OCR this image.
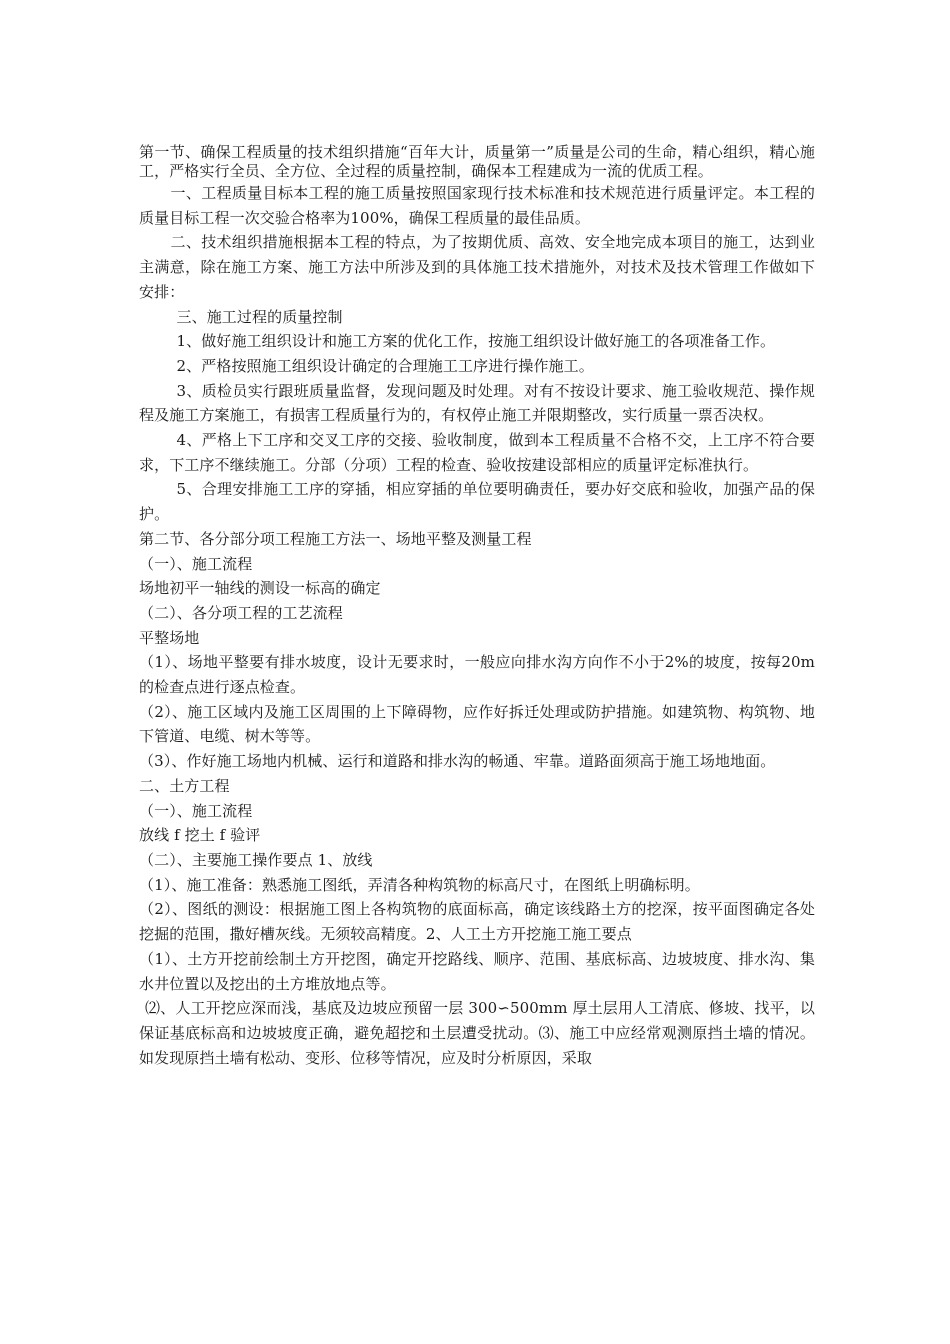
第一节、确保工程质量的技术组织措施“百年大计，质量第一”质量是公司的生命，精心组织，精心施工，严格实行全员、全方位、全过程的质量控制，确保本工程建成为一流的优质工程。

一、工程质量目标本工程的施工质量按照国家现行技术标准和技术规范进行质量评定。本工程的质量目标工程一次交验合格率为100%，确保工程质量的最佳品质。

二、技术组织措施根据本工程的特点，为了按期优质、高效、安全地完成本项目的施工，达到业主满意，除在施工方案、施工方法中所涉及到的具体施工技术措施外，对技术及技术管理工作做如下安排：

三、施工过程的质量控制

1、做好施工组织设计和施工方案的优化工作，按施工组织设计做好施工的各项准备工作。

2、严格按照施工组织设计确定的合理施工工序进行操作施工。

3、质检员实行跟班质量监督，发现问题及时处理。对有不按设计要求、施工验收规范、操作规程及施工方案施工，有损害工程质量行为的，有权停止施工并限期整改，实行质量一票否决权。

4、严格上下工序和交叉工序的交接、验收制度，做到本工程质量不合格不交，上工序不符合要求，下工序不继续施工。分部（分项）工程的检查、验收按建设部相应的质量评定标准执行。

5、合理安排施工工序的穿插，相应穿插的单位要明确责任，要办好交底和验收，加强产品的保护。

第二节、各分部分项工程施工方法一、场地平整及测量工程

（一）、施工流程

场地初平一轴线的测设一标高的确定

（二）、各分项工程的工艺流程

平整场地

（1）、场地平整要有排水坡度，设计无要求时，一般应向排水沟方向作不小于2%的坡度，按每20m的检查点进行逐点检查。

（2）、施工区域内及施工区周围的上下障碍物，应作好拆迁处理或防护措施。如建筑物、构筑物、地下管道、电缆、树木等等。

（3）、作好施工场地内机械、运行和道路和排水沟的畅通、牢靠。道路面须高于施工场地地面。

二、土方工程

（一）、施工流程

放线 f 挖土 f 验评

（二）、主要施工操作要点 1、放线

（1）、施工准备：熟悉施工图纸，弄清各种构筑物的标高尺寸，在图纸上明确标明。

（2）、图纸的测设：根据施工图上各构筑物的底面标高，确定该线路土方的挖深，按平面图确定各处挖掘的范围，撒好槽灰线。无须较高精度。2、人工土方开挖施工施工要点

（1）、土方开挖前绘制土方开挖图，确定开挖路线、顺序、范围、基底标高、边坡坡度、排水沟、集水井位置以及挖出的土方堆放地点等。

⑵、人工开挖应深而浅，基底及边坡应预留一层 300∽500mm 厚土层用人工清底、修坡、找平，以保证基底标高和边坡坡度正确，避免超挖和土层遭受扰动。⑶、施工中应经常观测原挡土墙的情况。如发现原挡土墙有松动、变形、位移等情况，应及时分析原因，采取
